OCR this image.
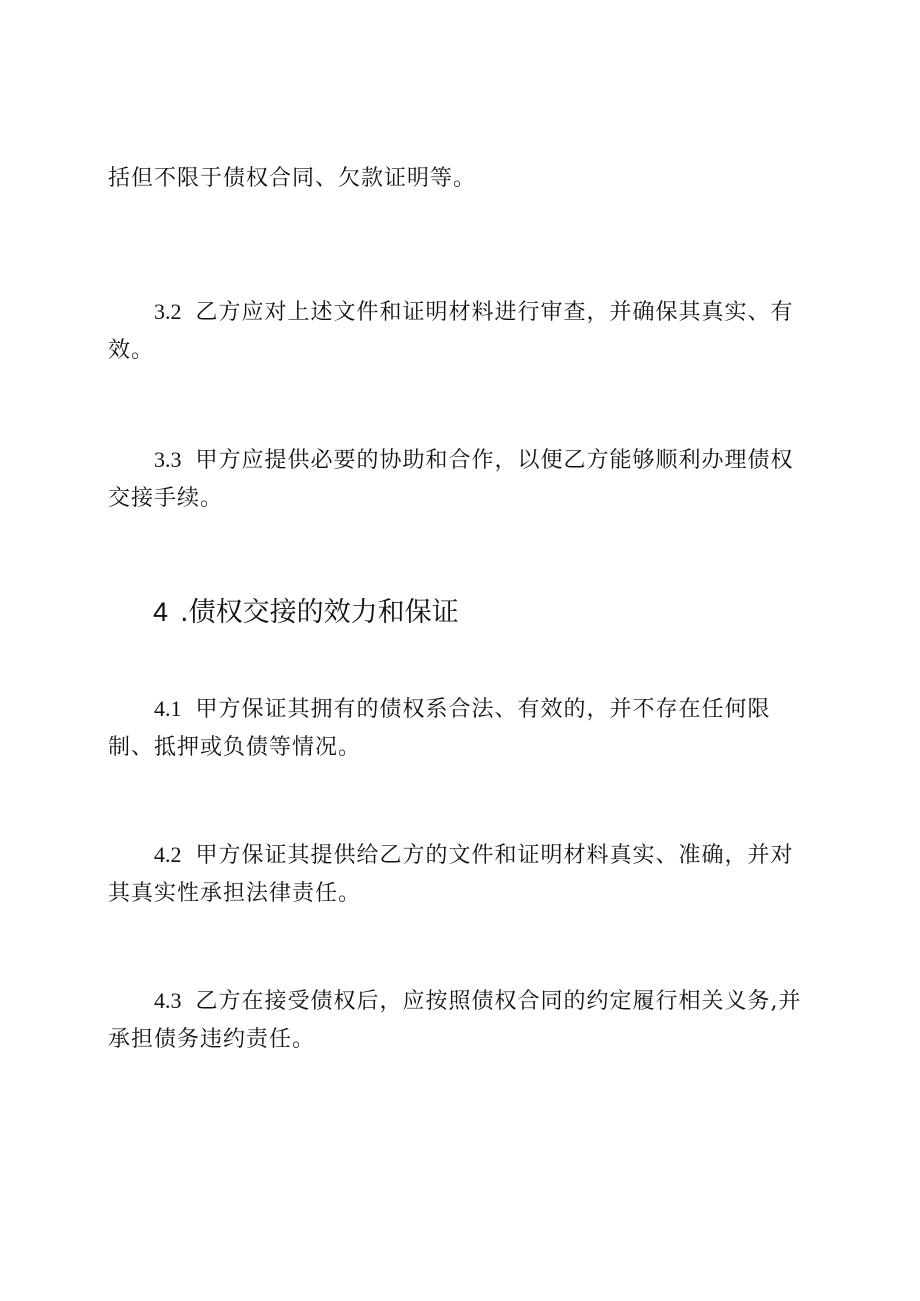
括但不限于债权合同、欠款证明等。

3.2 乙方应对上述文件和证明材料进行审查，并确保其真实、有效。

3.3 甲方应提供必要的协助和合作，以便乙方能够顺利办理债权交接手续。

4 .债权交接的效力和保证

4.1 甲方保证其拥有的债权系合法、有效的，并不存在任何限制、抵押或负债等情况。

4.2 甲方保证其提供给乙方的文件和证明材料真实、准确，并对其真实性承担法律责任。

4.3 乙方在接受债权后，应按照债权合同的约定履行相关义务,并承担债务违约责任。
